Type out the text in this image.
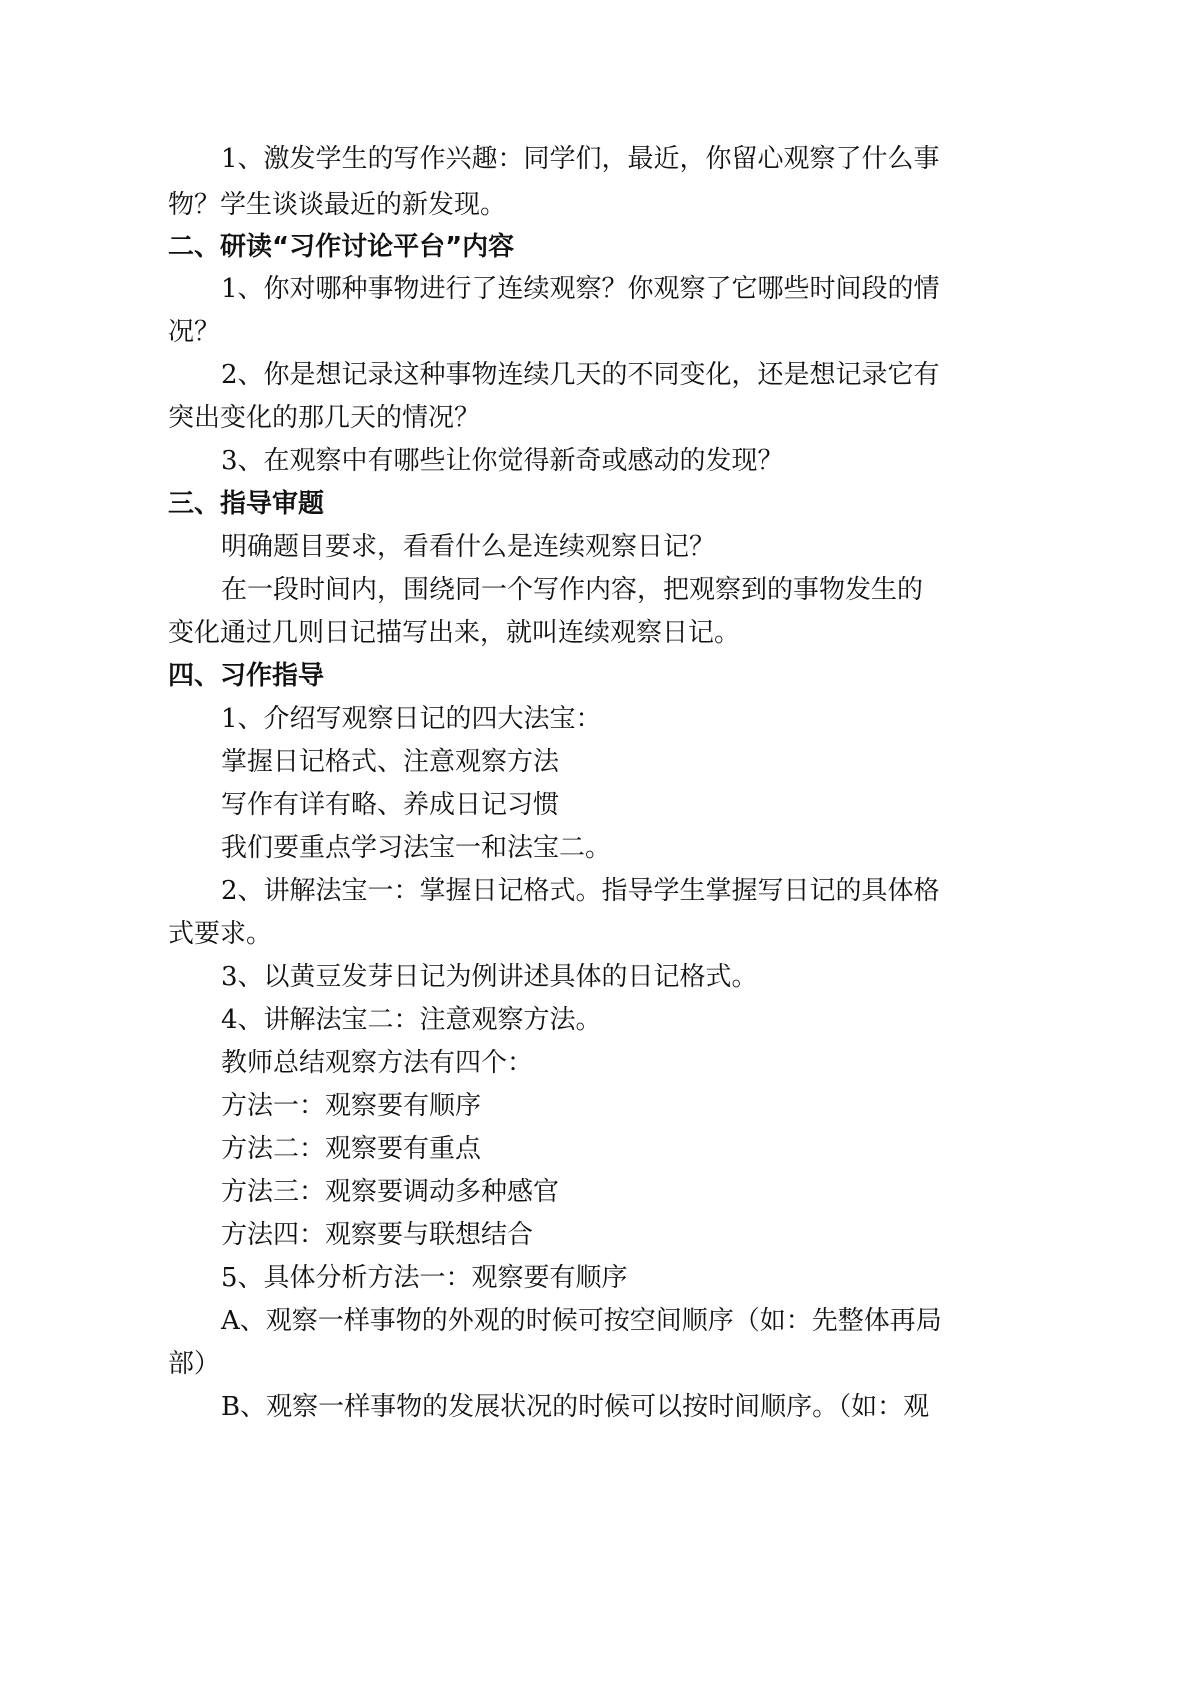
1、激发学生的写作兴趣：同学们，最近，你留心观察了什么事
物？学生谈谈最近的新发现。
二、研读“习作讨论平台”内容
1、你对哪种事物进行了连续观察？你观察了它哪些时间段的情
况？
2、你是想记录这种事物连续几天的不同变化，还是想记录它有
突出变化的那几天的情况？
3、在观察中有哪些让你觉得新奇或感动的发现？
三、指导审题
明确题目要求，看看什么是连续观察日记？
在一段时间内，围绕同一个写作内容，把观察到的事物发生的
变化通过几则日记描写出来，就叫连续观察日记。
四、习作指导
1、介绍写观察日记的四大法宝：
掌握日记格式、注意观察方法
写作有详有略、养成日记习惯
我们要重点学习法宝一和法宝二。
2、讲解法宝一：掌握日记格式。指导学生掌握写日记的具体格
式要求。
3、以黄豆发芽日记为例讲述具体的日记格式。
4、讲解法宝二：注意观察方法。
教师总结观察方法有四个：
方法一：观察要有顺序
方法二：观察要有重点
方法三：观察要调动多种感官
方法四：观察要与联想结合
5、具体分析方法一：观察要有顺序
A、观察一样事物的外观的时候可按空间顺序（如：先整体再局
部）
B、观察一样事物的发展状况的时候可以按时间顺序。（如：观
